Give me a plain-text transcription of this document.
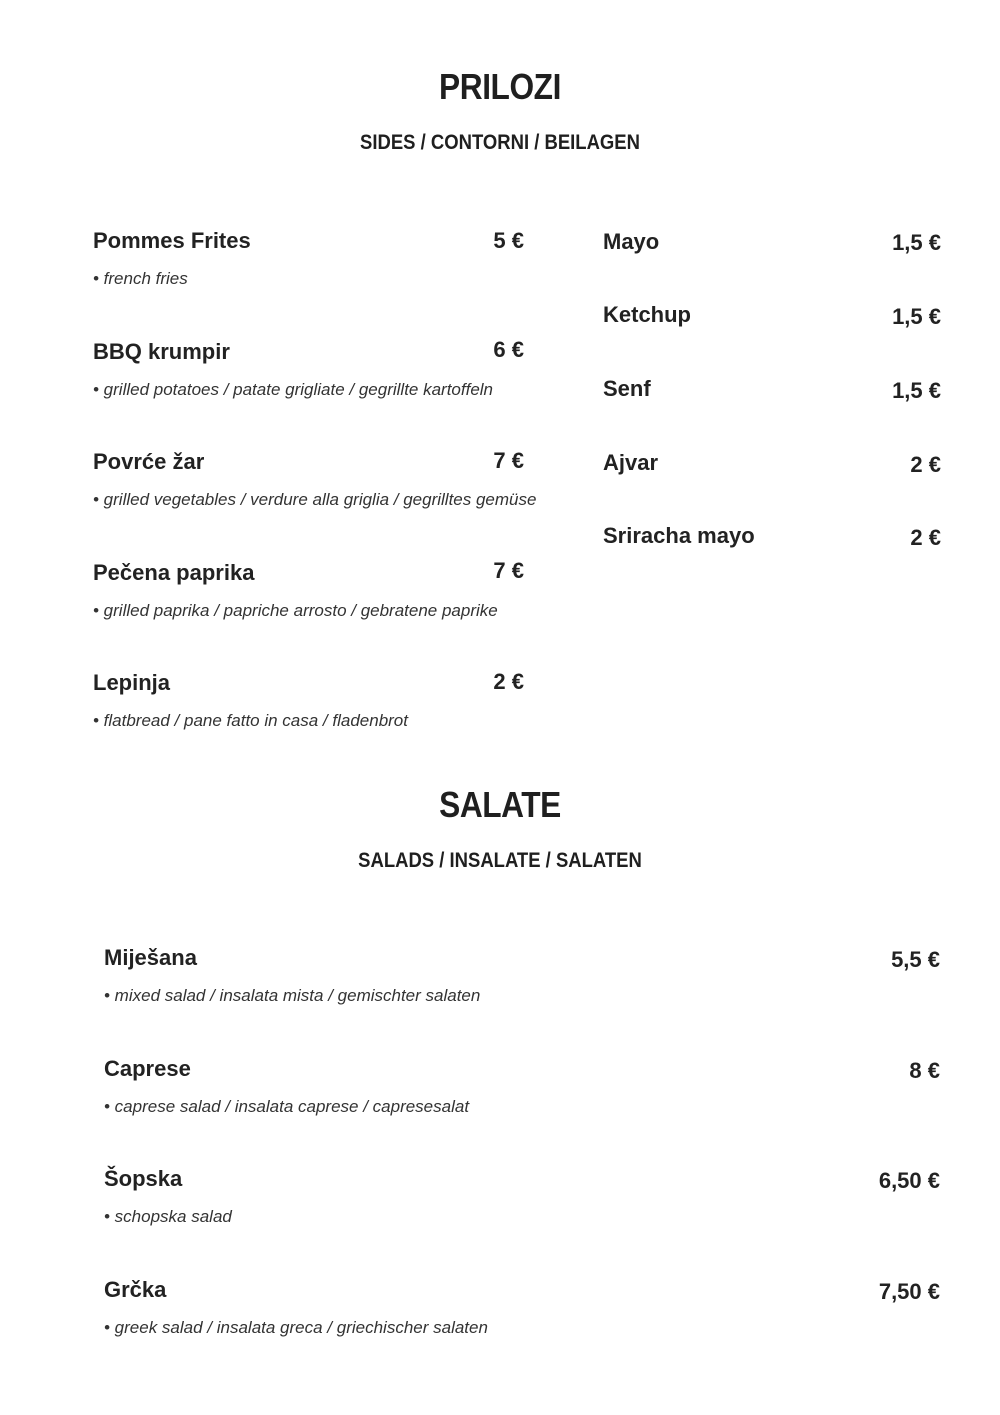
PRILOZI
SIDES / CONTORNI / BEILAGEN
Pommes Frites	5 €
• french fries
BBQ krumpir	6 €
• grilled potatoes / patate grigliate / gegrillte kartoffeln
Povrće žar	7 €
• grilled vegetables / verdure alla griglia / gegrilltes gemüse
Pečena paprika	7 €
• grilled paprika / papriche arrosto / gebratene paprike
Lepinja	2 €
• flatbread / pane fatto in casa / fladenbrot
Mayo	1,5 €
Ketchup	1,5 €
Senf	1,5 €
Ajvar	2 €
Sriracha mayo	2 €
SALATE
SALADS / INSALATE / SALATEN
Miješana	5,5 €
• mixed salad / insalata mista / gemischter salaten
Caprese	8 €
• caprese salad / insalata caprese / capresesalat
Šopska	6,50 €
• schopska salad
Grčka	7,50 €
• greek salad / insalata greca / griechischer salaten
